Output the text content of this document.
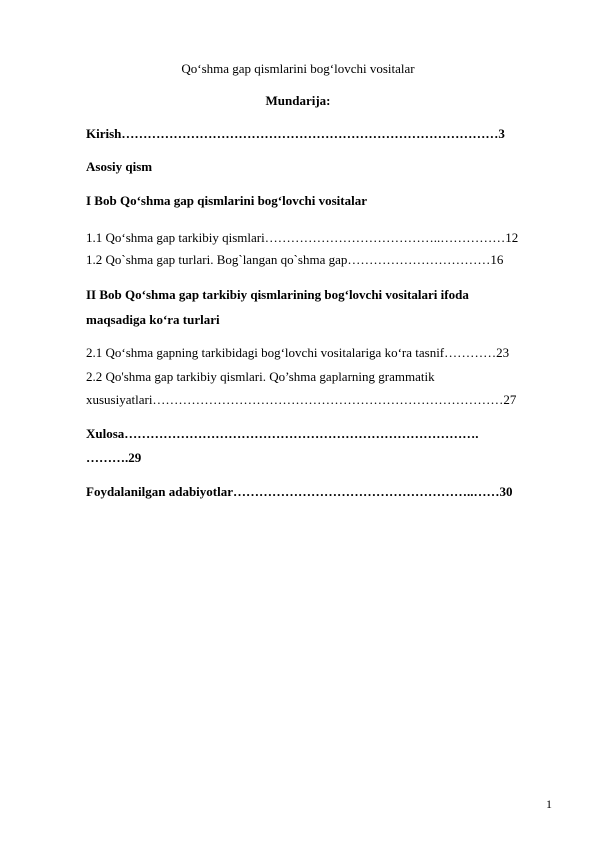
Qo‘shma gap qismlarini bog‘lovchi vositalar
Mundarija:
Kirish……………………………………………………………………………3
Asosiy qism
I Bob Qo‘shma gap qismlarini bog‘lovchi vositalar
1.1 Qo‘shma gap tarkibiy qismlari…………………………………..……………12
1.2 Qo`shma gap turlari. Bog`langan qo`shma gap……………………………16
II Bob Qo‘shma gap tarkibiy qismlarining bog‘lovchi vositalari ifoda
maqsadiga ko‘ra turlari
2.1 Qo‘shma gapning tarkibidagi bog‘lovchi vositalariga ko‘ra tasnif…………23
2.2 Qo'shma gap tarkibiy qismlari. Qo’shma gaplarning grammatik
xususiyatlari………………………………………………………………………27
Xulosa……………………………………………………………………….
……….29
Foydalanilgan adabiyotlar………………………………………………..……30
1
